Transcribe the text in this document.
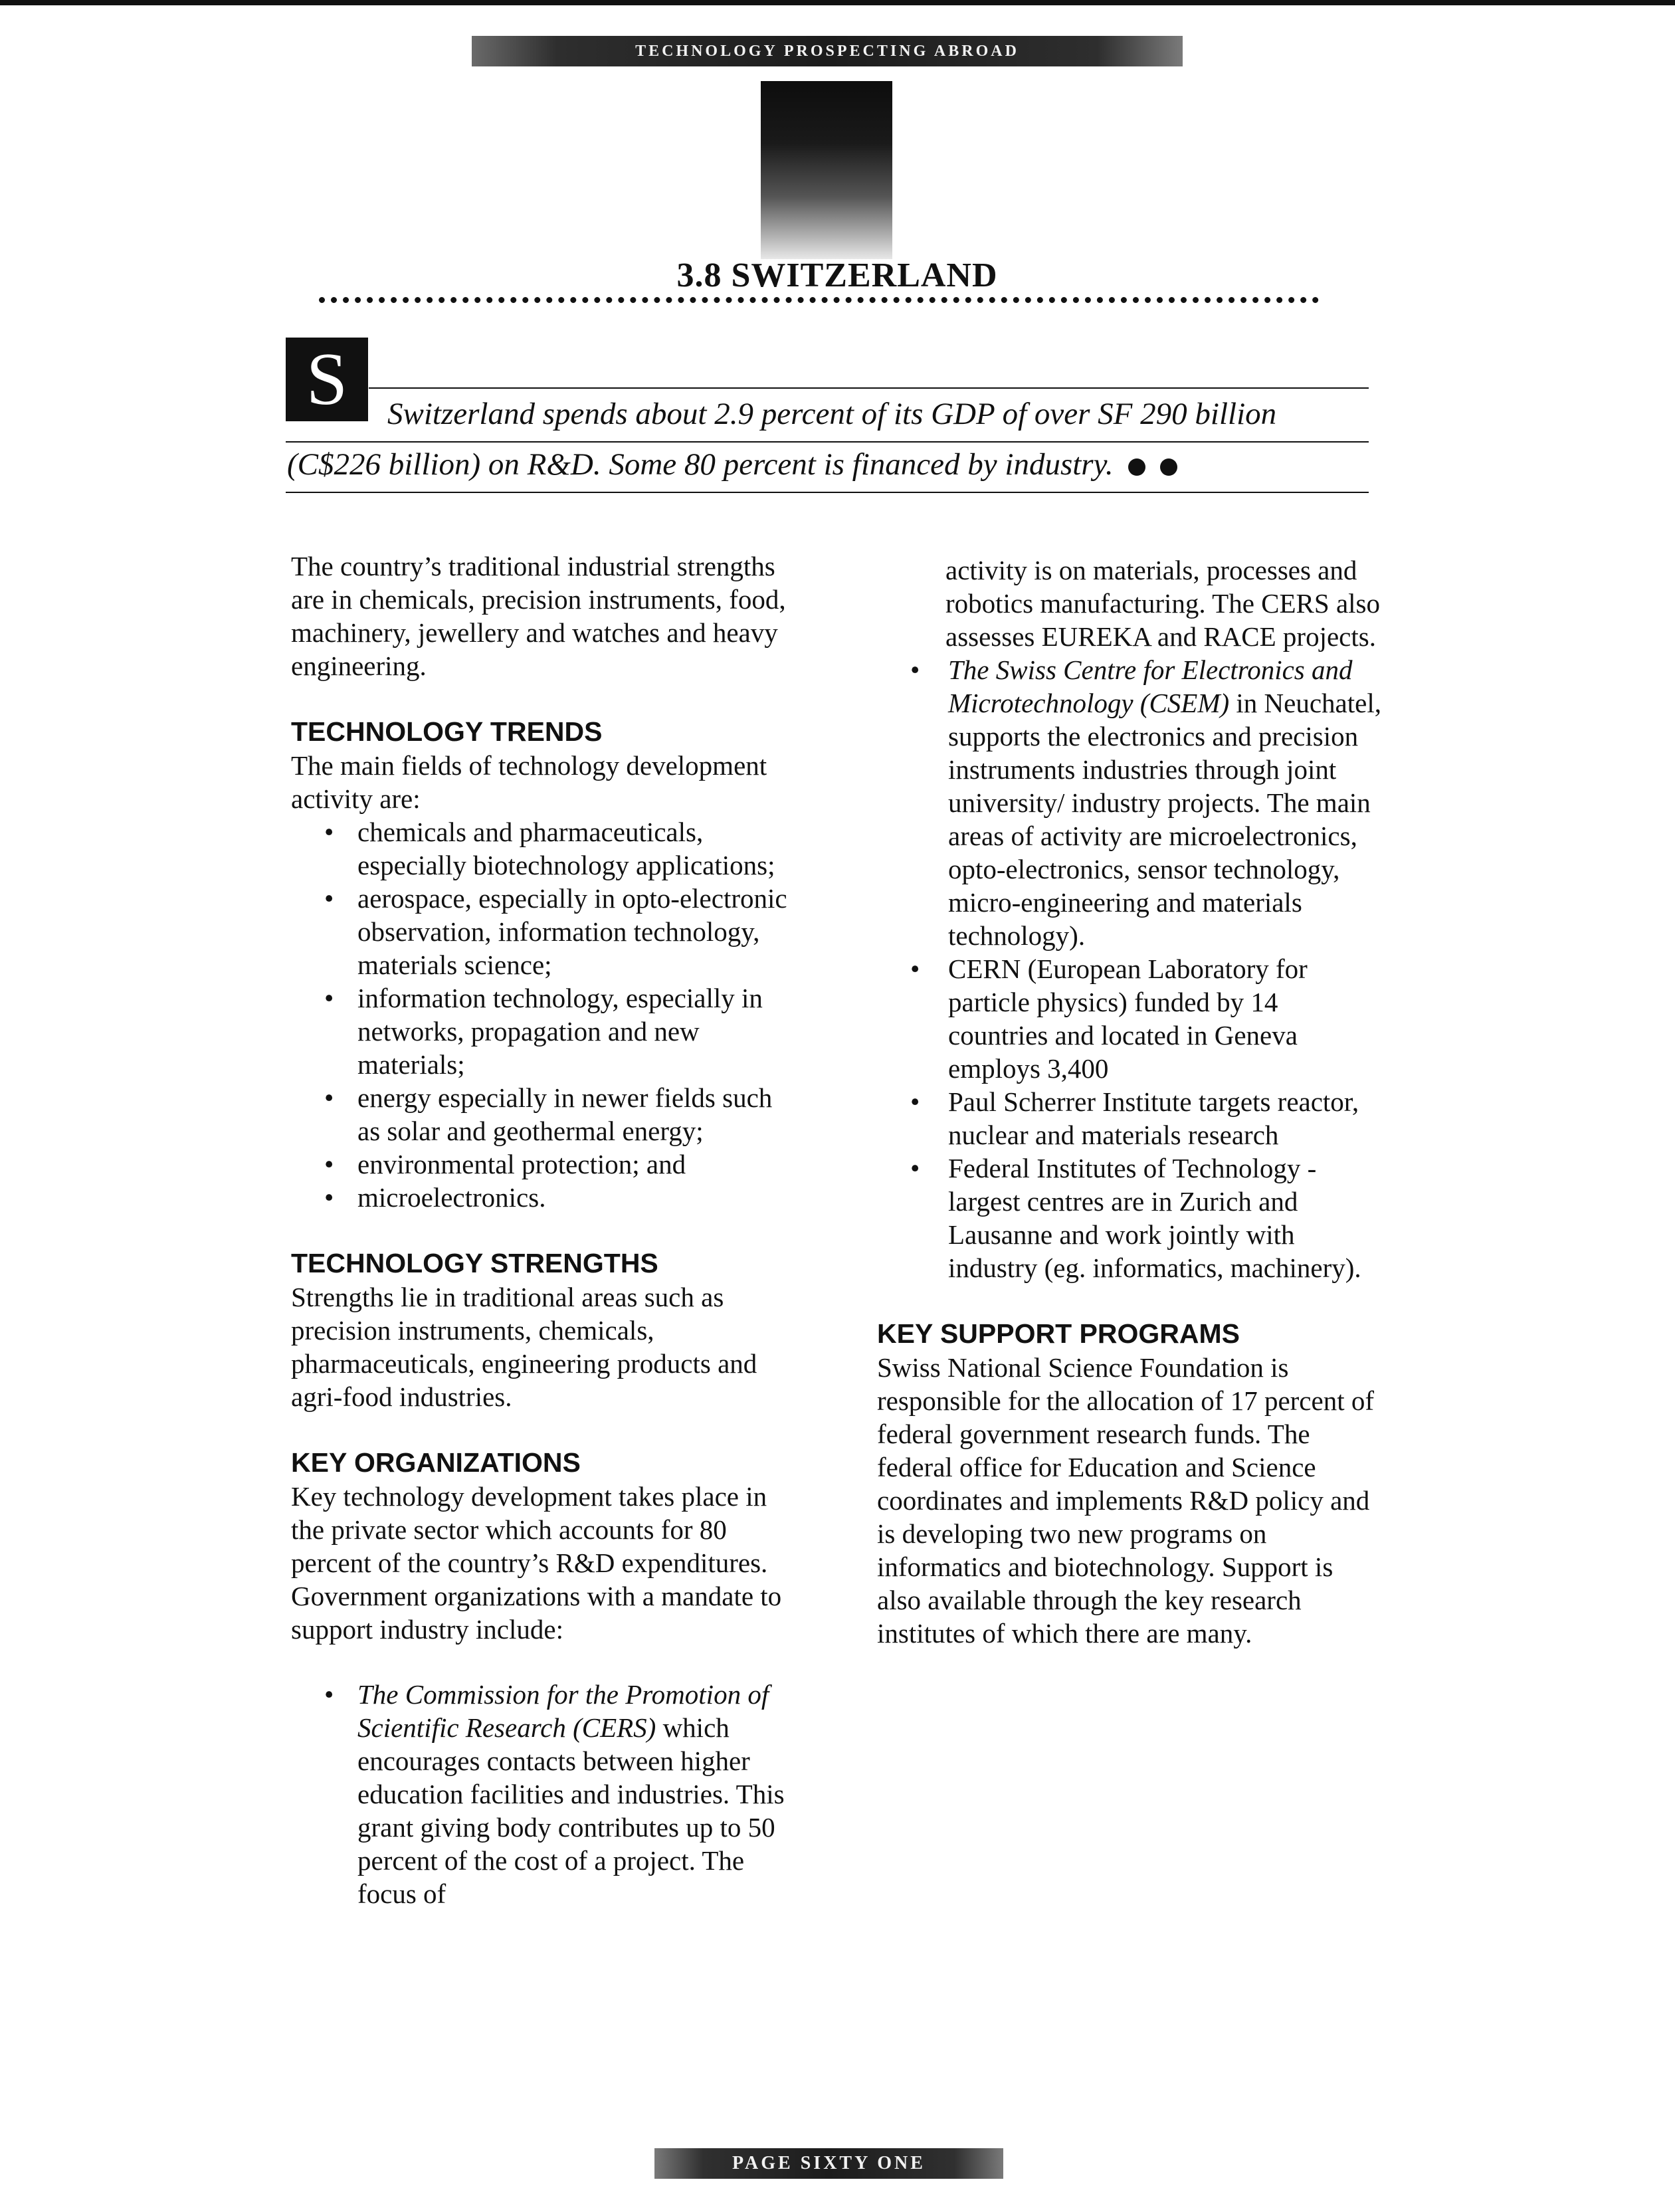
TECHNOLOGY PROSPECTING ABROAD
3.8 SWITZERLAND
S	Switzerland spends about 2.9 percent of its GDP of over SF 290 billion
(C$226 billion) on R&D. Some 80 percent is financed by industry.

The country’s traditional industrial strengths are in chemicals, precision instruments, food, machinery, jewellery and watches and heavy engineering.

TECHNOLOGY TRENDS

The main fields of technology development activity are:

• chemicals and pharmaceuticals, especially biotechnology applications;
• aerospace, especially in opto-electronic observation, information technology, materials science;
• information technology, especially in networks, propagation and new materials;
• energy especially in newer fields such as solar and geothermal energy;
• environmental protection; and
• microelectronics.
TECHNOLOGY STRENGTHS

Strengths lie in traditional areas such as precision instruments, chemicals, pharmaceuticals, engineering products and agri-food industries.

KEY ORGANIZATIONS

Key technology development takes place in the private sector which accounts for 80 percent of the country’s R&D expenditures. Government organizations with a mandate to support industry include:

• The Commission for the Promotion of Scientific Research (CERS) which encourages contacts between higher education facilities and industries. This grant giving body contributes up to 50 percent of the cost of a project. The focus of

activity is on materials, processes and robotics manufacturing. The CERS also assesses EUREKA and RACE projects.

• The Swiss Centre for Electronics and Microtechnology (CSEM) in Neuchatel, supports the electronics and precision instruments industries through joint university/ industry projects. The main areas of activity are microelectronics, opto-electronics, sensor technology, micro-engineering and materials technology).
• CERN (European Laboratory for particle physics) funded by 14 countries and located in Geneva employs 3,400
• Paul Scherrer Institute targets reactor, nuclear and materials research
• Federal Institutes of Technology - largest centres are in Zurich and Lausanne and work jointly with industry (eg. informatics, machinery).
KEY SUPPORT PROGRAMS

Swiss National Science Foundation is responsible for the allocation of 17 percent of federal government research funds. The federal office for Education and Science coordinates and implements R&D policy and is developing two new programs on informatics and biotechnology. Support is also available through the key research institutes of which there are many.

PAGE SIXTY ONE
